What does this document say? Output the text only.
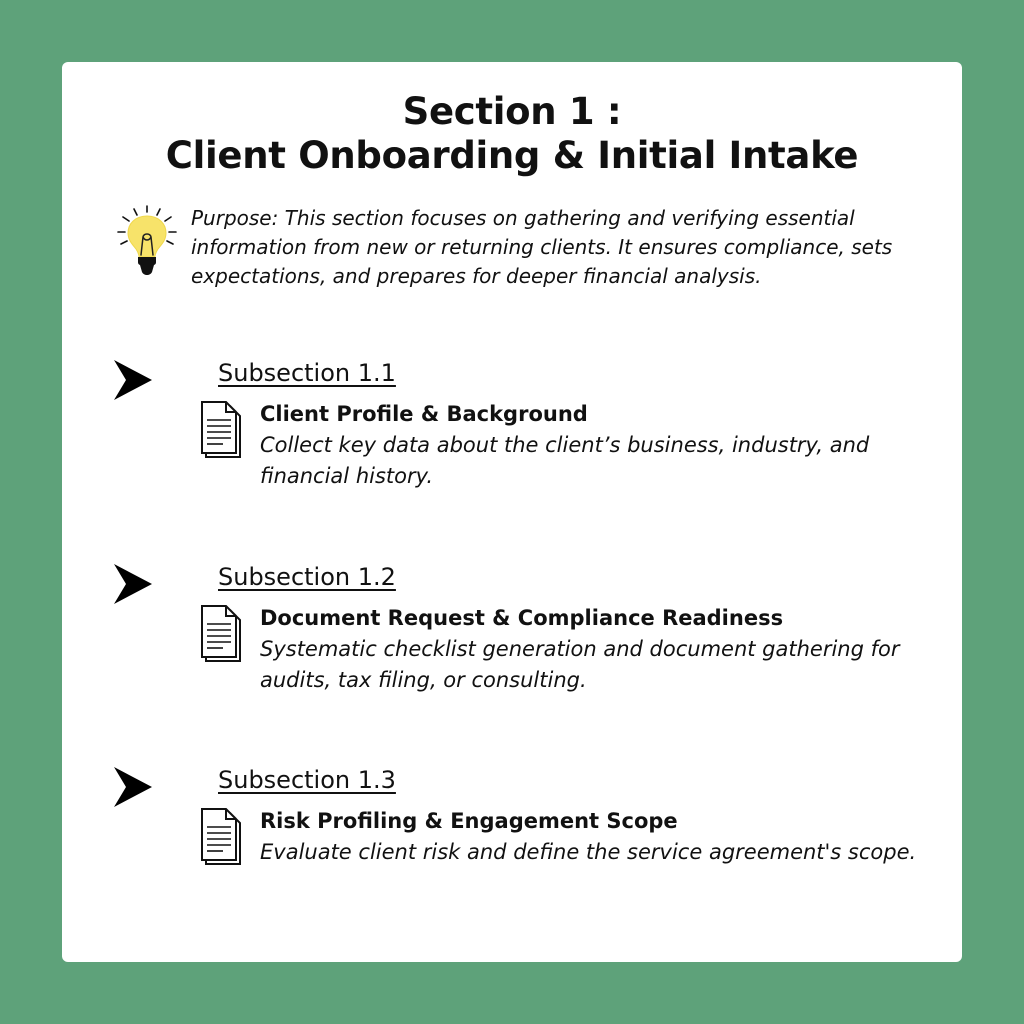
Section 1 :
Client Onboarding & Initial Intake

Purpose: This section focuses on gathering and verifying essential information from new or returning clients. It ensures compliance, sets expectations, and prepares for deeper financial analysis.

Subsection 1.1
Client Profile & Background
Collect key data about the client’s business, industry, and financial history.
Subsection 1.2
Document Request & Compliance Readiness
Systematic checklist generation and document gathering for audits, tax filing, or consulting.
Subsection 1.3
Risk Profiling & Engagement Scope
Evaluate client risk and define the service agreement's scope.
